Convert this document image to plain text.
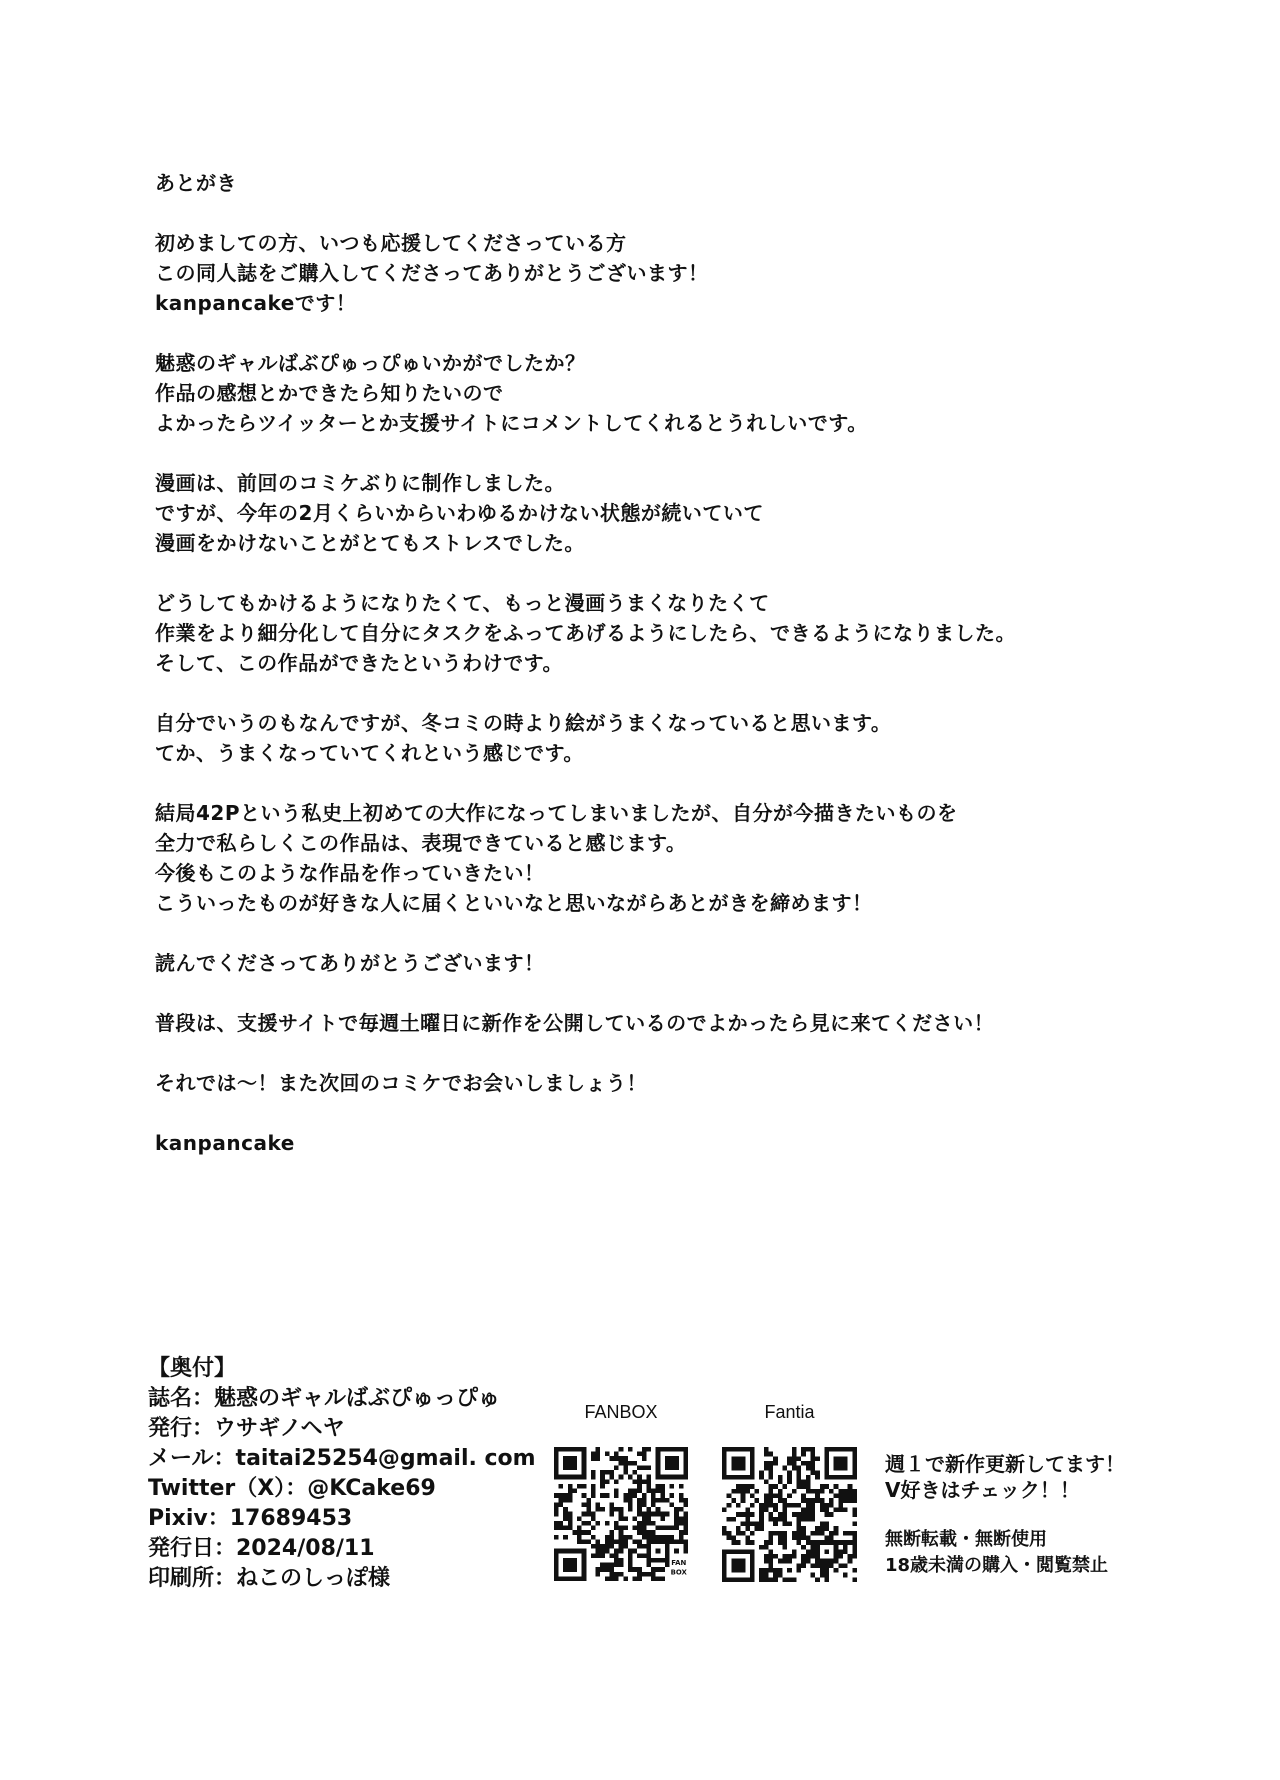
あとがき
初めましての方、いつも応援してくださっている方
この同人誌をご購入してくださってありがとうございます！
kanpancakeです！
魅惑のギャルばぶぴゅっぴゅいかがでしたか？
作品の感想とかできたら知りたいので
よかったらツイッターとか支援サイトにコメントしてくれるとうれしいです。
漫画は、前回のコミケぶりに制作しました。
ですが、今年の2月くらいからいわゆるかけない状態が続いていて
漫画をかけないことがとてもストレスでした。
どうしてもかけるようになりたくて、もっと漫画うまくなりたくて
作業をより細分化して自分にタスクをふってあげるようにしたら、できるようになりました。
そして、この作品ができたというわけです。
自分でいうのもなんですが、冬コミの時より絵がうまくなっていると思います。
てか、うまくなっていてくれという感じです。
結局42Pという私史上初めての大作になってしまいましたが、自分が今描きたいものを
全力で私らしくこの作品は、表現できていると感じます。
今後もこのような作品を作っていきたい！
こういったものが好きな人に届くといいなと思いながらあとがきを締めます！
読んでくださってありがとうございます！
普段は、支援サイトで毎週土曜日に新作を公開しているのでよかったら見に来てください！
それでは～！また次回のコミケでお会いしましょう！
kanpancake
【奥付】
誌名：魅惑のギャルばぶぴゅっぴゅ
発行：ウサギノヘヤ
メール：taitai25254@gmail. com
Twitter（X）：@KCake69
Pixiv：17689453
発行日：2024/08/11
印刷所：ねこのしっぽ様
FANBOX	Fantia
FAN
BOX
週１で新作更新してます！
V好きはチェック！！
無断転載・無断使用
18歳未満の購入・閲覧禁止
